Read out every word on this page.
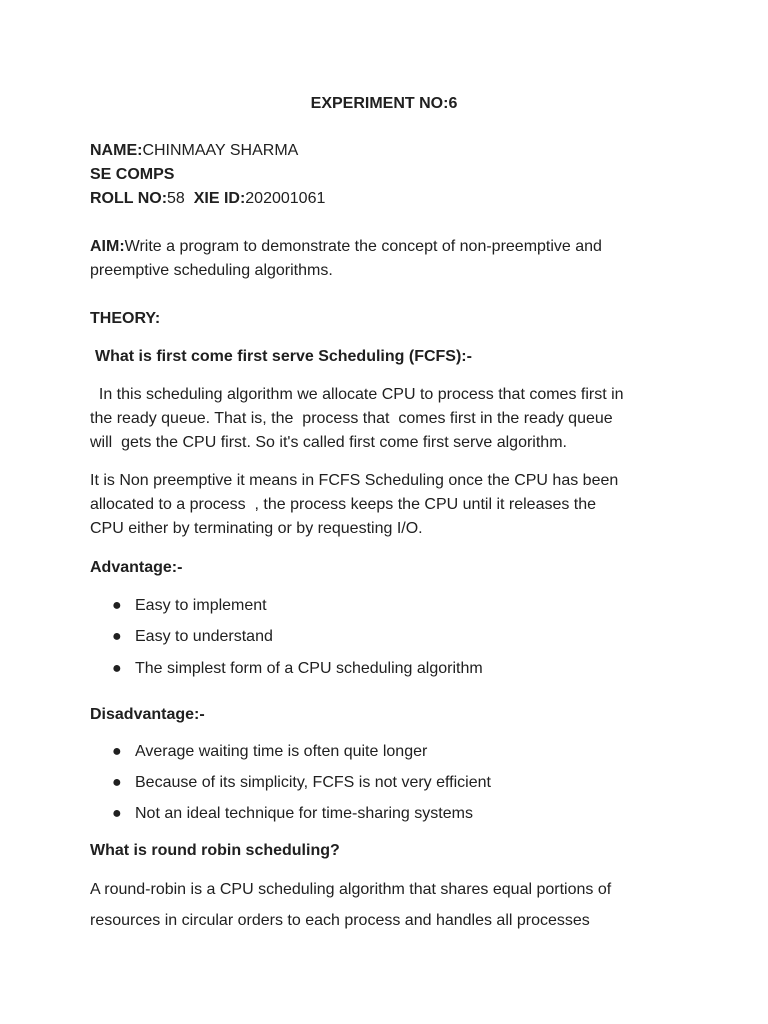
EXPERIMENT NO:6
NAME:CHINMAAY SHARMA
SE COMPS
ROLL NO:58 XIE ID:202001061
AIM:Write a program to demonstrate the concept of non-preemptive and
preemptive scheduling algorithms.
THEORY:
What is first come first serve Scheduling (FCFS):-
In this scheduling algorithm we allocate CPU to process that comes first in
the ready queue. That is, the  process that  comes first in the ready queue
will  gets the CPU first. So it's called first come first serve algorithm.
It is Non preemptive it means in FCFS Scheduling once the CPU has been
allocated to a process  , the process keeps the CPU until it releases the
CPU either by terminating or by requesting I/O.
Advantage:-
● Easy to implement
● Easy to understand
● The simplest form of a CPU scheduling algorithm
Disadvantage:-
● Average waiting time is often quite longer
● Because of its simplicity, FCFS is not very efficient
● Not an ideal technique for time-sharing systems
What is round robin scheduling?
A round-robin is a CPU scheduling algorithm that shares equal portions of
resources in circular orders to each process and handles all processes
